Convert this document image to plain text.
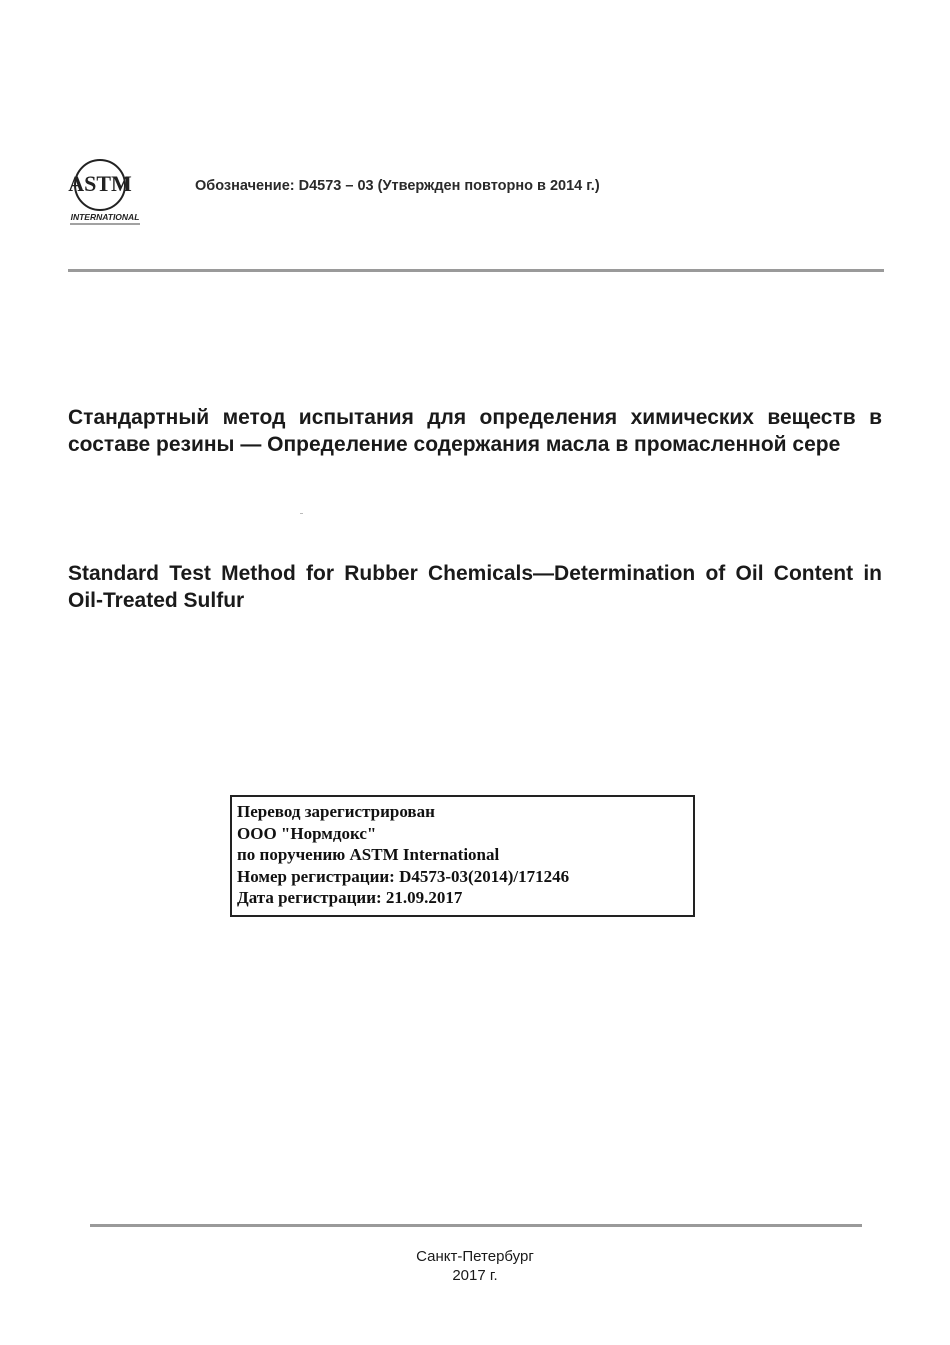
ASTM
INTERNATIONAL
Обозначение: D4573 – 03 (Утвержден повторно в 2014 г.)
Стандартный метод испытания для определения химических веществ в составе резины — Определение содержания масла в промасленной сере
Standard Test Method for Rubber Chemicals—Determination of Oil Content in Oil-Treated Sulfur
Перевод зарегистрирован
ООО "Нормдокс"
по поручению ASTM International
Номер регистрации: D4573-03(2014)/171246
Дата регистрации: 21.09.2017
Санкт-Петербург
2017 г.
